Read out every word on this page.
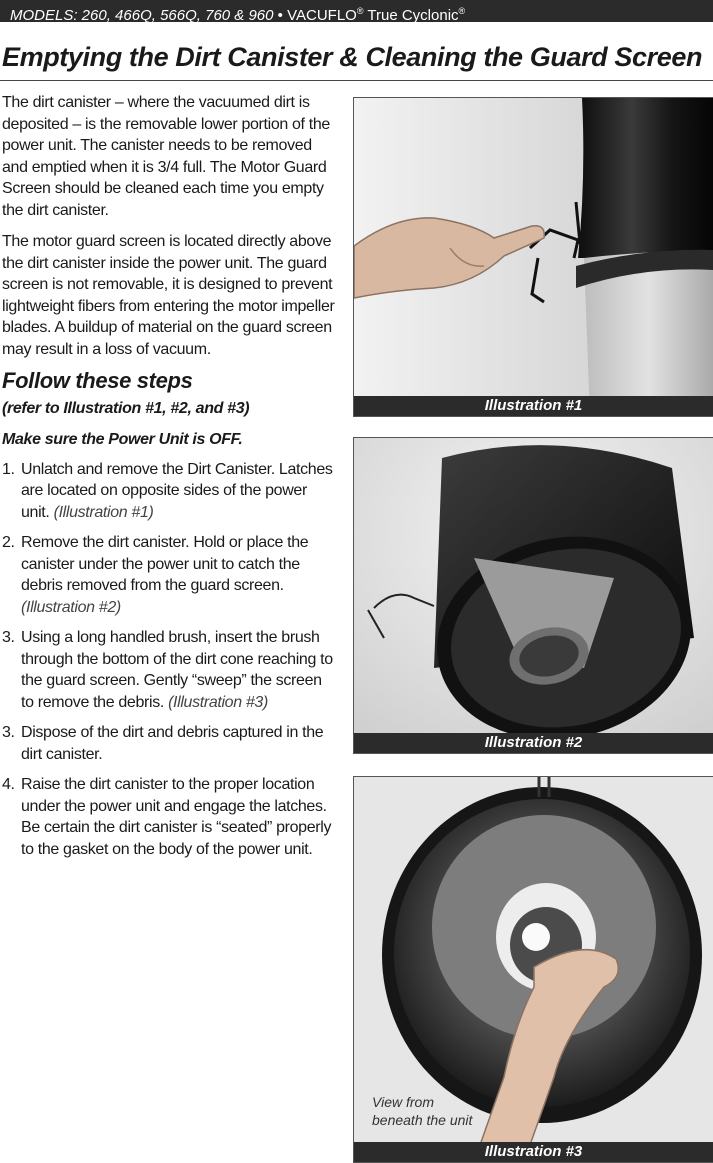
MODELS: 260, 466Q, 566Q, 760 & 960 • VACUFLO® True Cyclonic®
Emptying the Dirt Canister & Cleaning the Guard Screen

The dirt canister – where the vacuumed dirt is deposited – is the removable lower portion of the power unit. The canister needs to be removed and emptied when it is 3/4 full. The Motor Guard Screen should be cleaned each time you empty the dirt canister.

The motor guard screen is located directly above the dirt canister inside the power unit. The guard screen is not removable, it is designed to prevent lightweight fibers from entering the motor impeller blades. A buildup of material on the guard screen may result in a loss of vacuum.

Follow these steps
(refer to Illustration #1, #2, and #3)
Make sure the Power Unit is OFF.
1. Unlatch and remove the Dirt Canister. Latches are located on opposite sides of the power unit. (Illustration #1)
2. Remove the dirt canister. Hold or place the canister under the power unit to catch the debris removed from the guard screen. (Illustration #2)
3. Using a long handled brush, insert the brush through the bottom of the dirt cone reaching to the guard screen. Gently “sweep” the screen to remove the debris. (Illustration #3)
3. Dispose of the dirt and debris captured in the dirt canister.
4. Raise the dirt canister to the proper location under the power unit and engage the latches. Be certain the dirt canister is “seated” properly to the gasket on the body of the power unit.
Illustration #1
Illustration #2
View from
beneath the unit
Illustration #3
